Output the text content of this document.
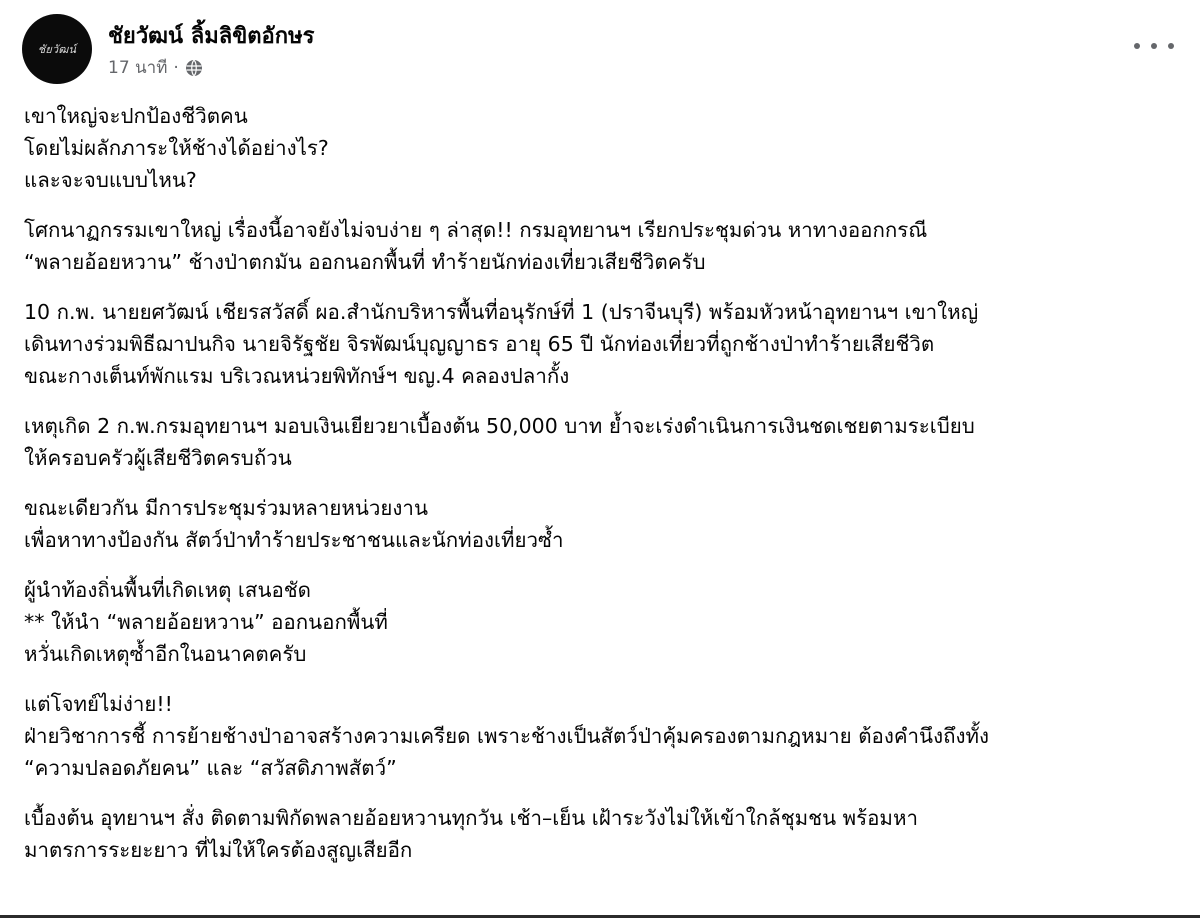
ชัยวัฒน์
ชัยวัฒน์ ลิ้มลิขิตอักษร
17 นาที ·
เขาใหญ่จะปกป้องชีวิตคน
โดยไม่ผลักภาระให้ช้างได้อย่างไร?
และจะจบแบบไหน?
โศกนาฏกรรมเขาใหญ่ เรื่องนี้อาจยังไม่จบง่าย ๆ ล่าสุด!! กรมอุทยานฯ เรียกประชุมด่วน หาทางออกกรณี
“พลายอ้อยหวาน” ช้างป่าตกมัน ออกนอกพื้นที่ ทำร้ายนักท่องเที่ยวเสียชีวิตครับ
10 ก.พ. นายยศวัฒน์ เชียรสวัสดิ์ ผอ.สำนักบริหารพื้นที่อนุรักษ์ที่ 1 (ปราจีนบุรี) พร้อมหัวหน้าอุทยานฯ เขาใหญ่
เดินทางร่วมพิธีฌาปนกิจ นายจิรัฐชัย จิรพัฒน์บุญญาธร อายุ 65 ปี นักท่องเที่ยวที่ถูกช้างป่าทำร้ายเสียชีวิต
ขณะกางเต็นท์พักแรม บริเวณหน่วยพิทักษ์ฯ ขญ.4 คลองปลากั้ง
เหตุเกิด 2 ก.พ.กรมอุทยานฯ มอบเงินเยียวยาเบื้องต้น 50,000 บาท ย้ำจะเร่งดำเนินการเงินชดเชยตามระเบียบ
ให้ครอบครัวผู้เสียชีวิตครบถ้วน
ขณะเดียวกัน มีการประชุมร่วมหลายหน่วยงาน
เพื่อหาทางป้องกัน สัตว์ป่าทำร้ายประชาชนและนักท่องเที่ยวซ้ำ
ผู้นำท้องถิ่นพื้นที่เกิดเหตุ เสนอชัด
** ให้นำ “พลายอ้อยหวาน” ออกนอกพื้นที่
หวั่นเกิดเหตุซ้ำอีกในอนาคตครับ
แต่โจทย์ไม่ง่าย!!
ฝ่ายวิชาการชี้ การย้ายช้างป่าอาจสร้างความเครียด เพราะช้างเป็นสัตว์ป่าคุ้มครองตามกฎหมาย ต้องคำนึงถึงทั้ง
“ความปลอดภัยคน” และ “สวัสดิภาพสัตว์”
เบื้องต้น อุทยานฯ สั่ง ติดตามพิกัดพลายอ้อยหวานทุกวัน เช้า–เย็น เฝ้าระวังไม่ให้เข้าใกล้ชุมชน พร้อมหา
มาตรการระยะยาว ที่ไม่ให้ใครต้องสูญเสียอีก
